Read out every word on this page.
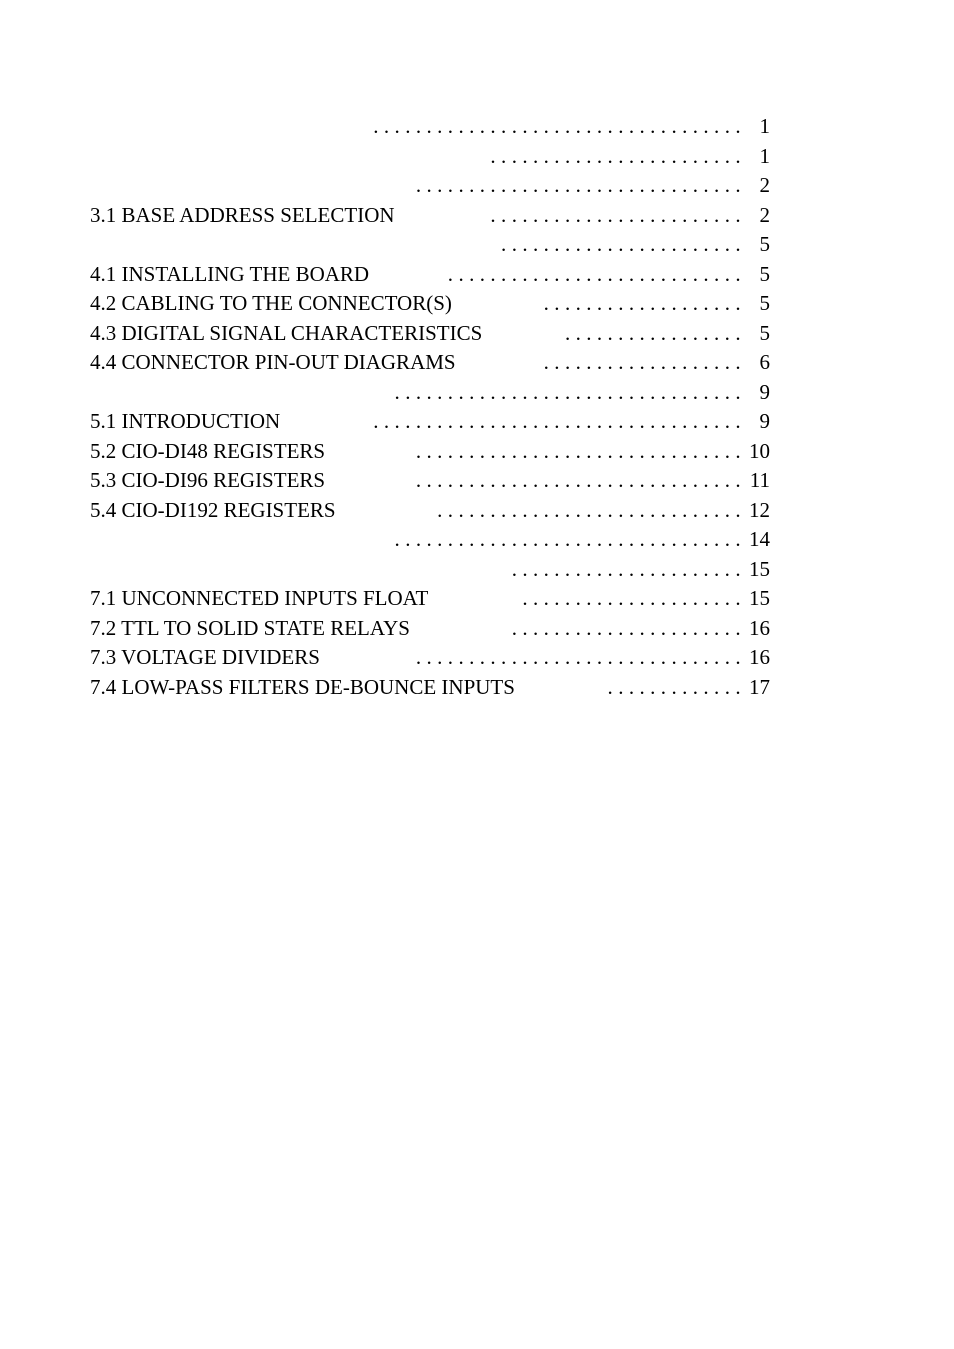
................................... 1
........................ 1
............................... 2
........................ 2
3.1 BASE ADDRESS SELECTION
....................... 5
............................ 5
4.1 INSTALLING THE BOARD
................... 5
4.2 CABLING TO THE CONNECTOR(S)
................. 5
4.3 DIGITAL SIGNAL CHARACTERISTICS
................... 6
4.4 CONNECTOR PIN-OUT DIAGRAMS
................................. 9
................................... 9
5.1 INTRODUCTION
............................... 10
5.2 CIO-DI48 REGISTERS
............................... 11
5.3 CIO-DI96 REGISTERS
............................. 12
5.4 CIO-DI192 REGISTERS
................................. 14
...................... 15
..................... 15
7.1 UNCONNECTED INPUTS FLOAT
...................... 16
7.2 TTL TO SOLID STATE RELAYS
............................... 16
7.3 VOLTAGE DIVIDERS
............. 17
7.4 LOW-PASS FILTERS DE-BOUNCE INPUTS
